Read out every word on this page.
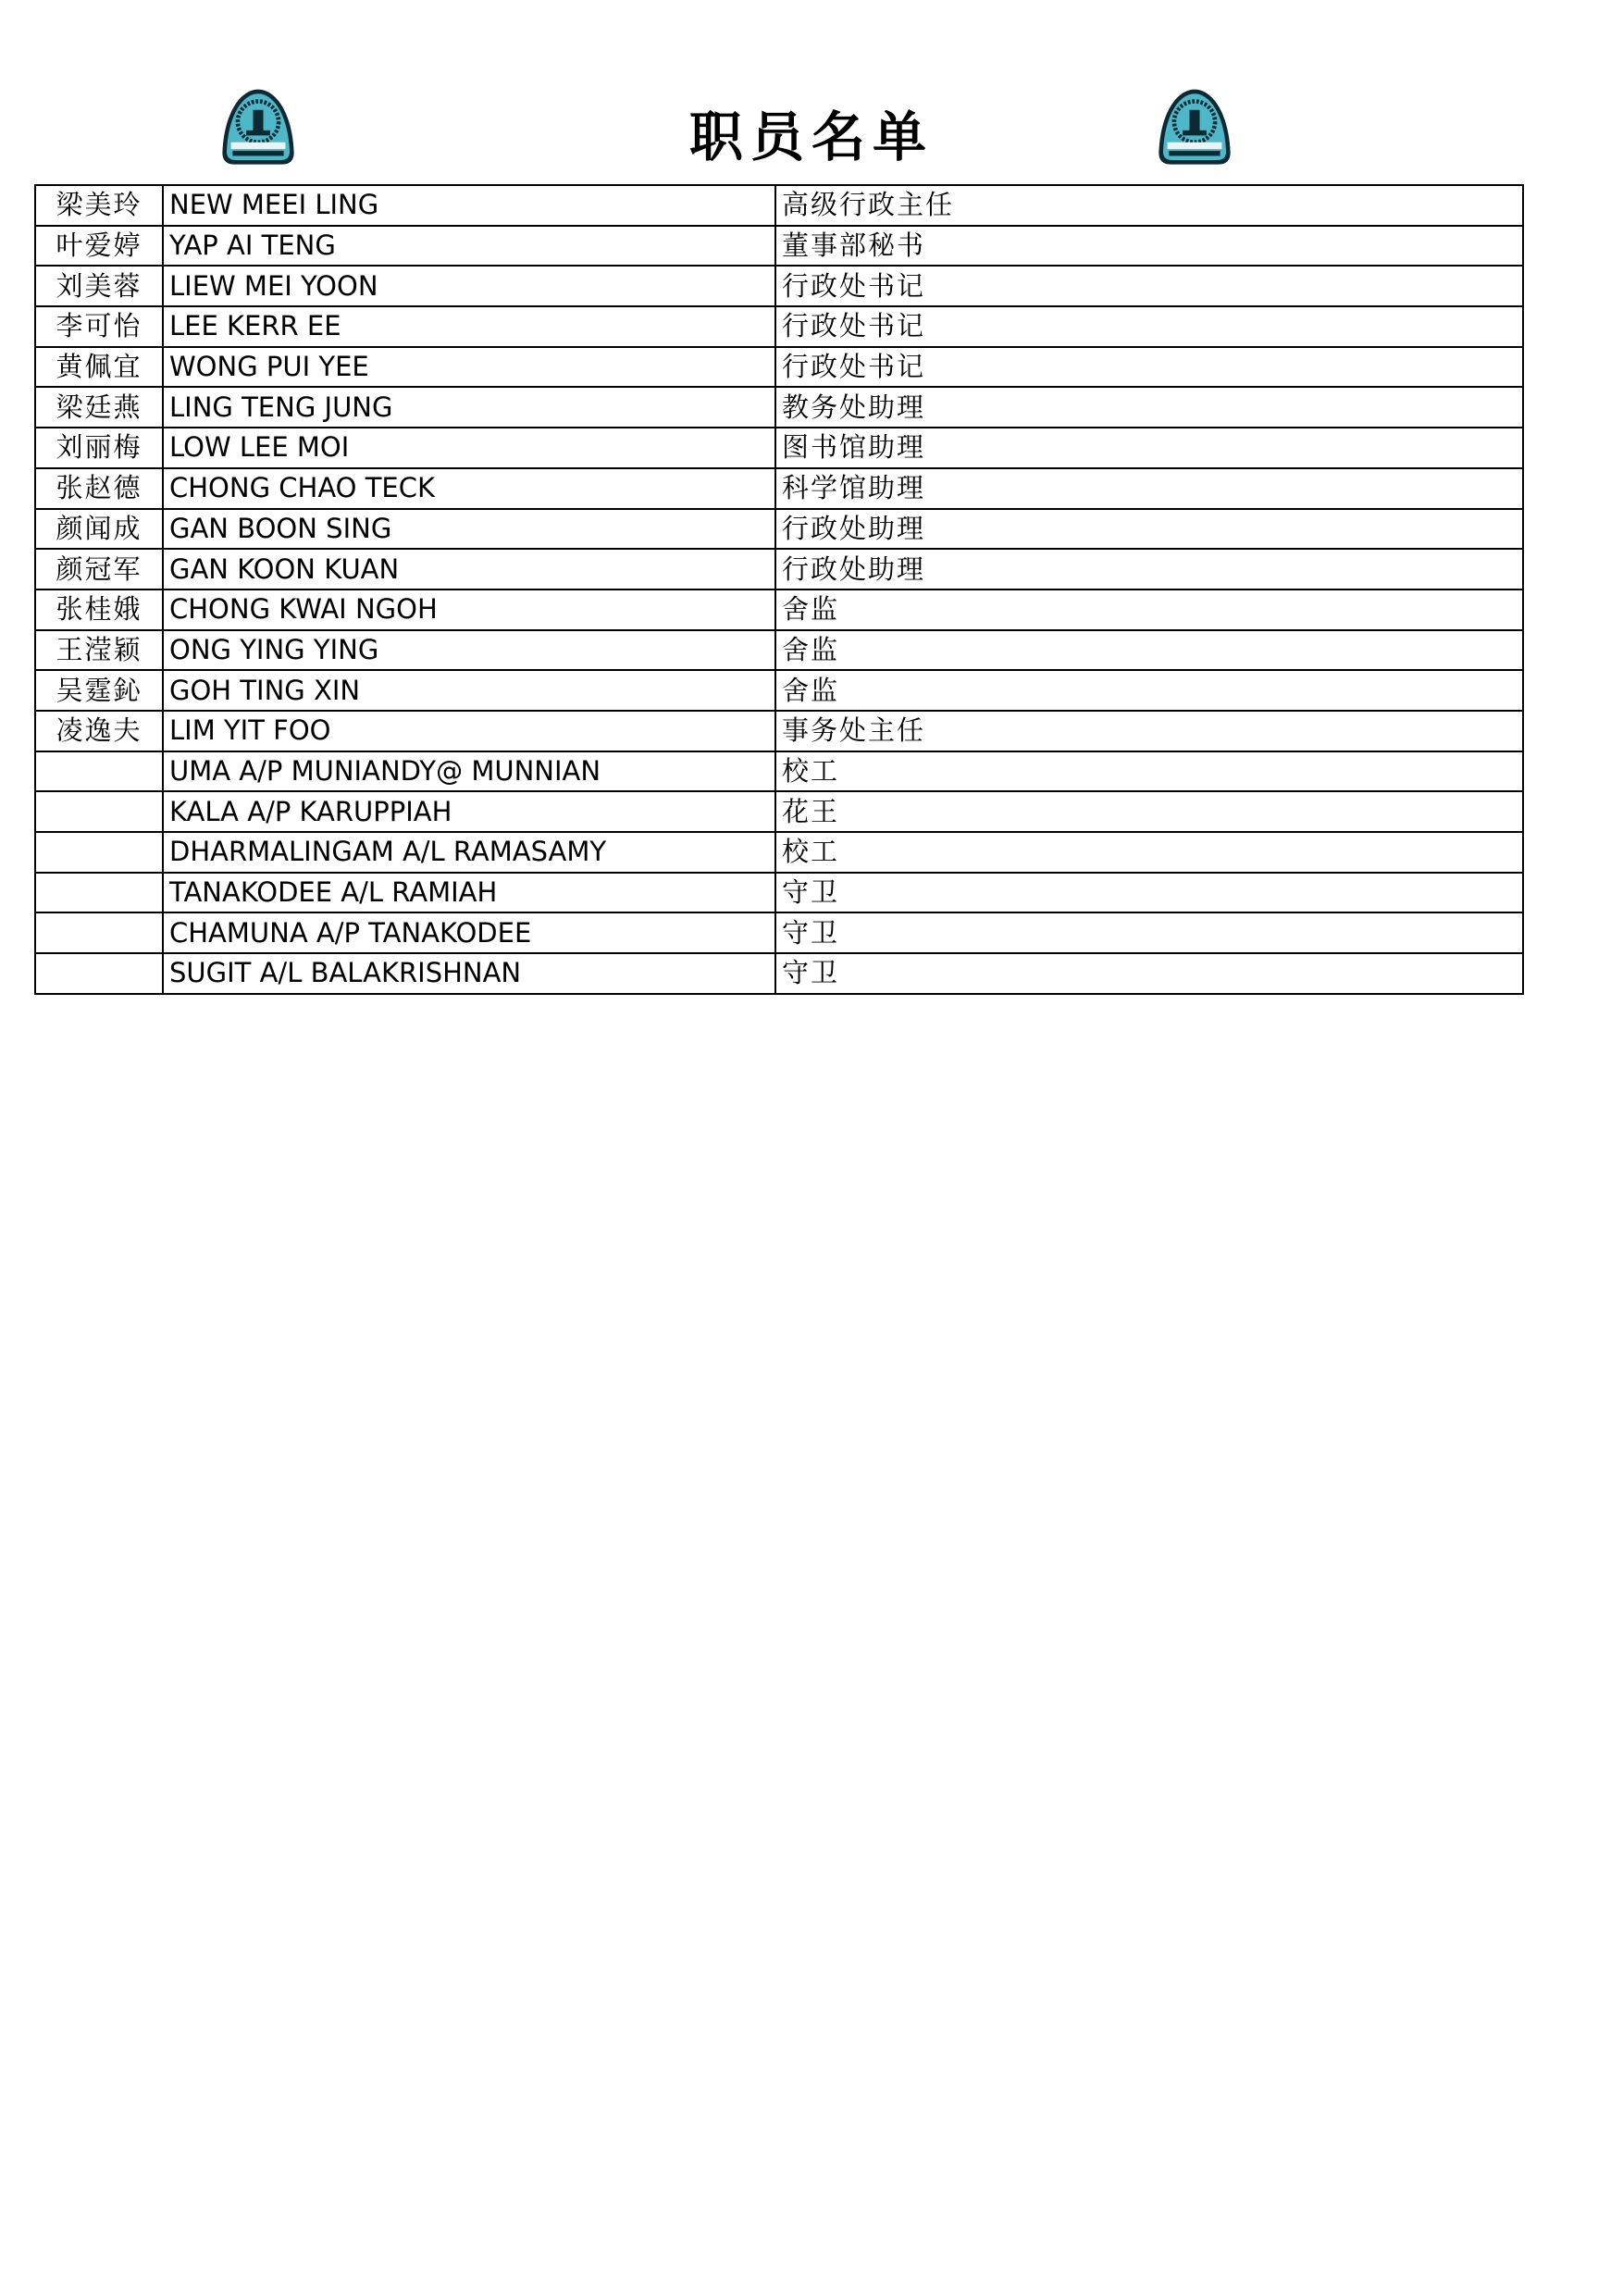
职员名单
梁美玲	NEW MEEI LING	高级行政主任
叶爱婷	YAP AI TENG	董事部秘书
刘美蓉	LIEW MEI YOON	行政处书记
李可怡	LEE KERR EE	行政处书记
黄佩宜	WONG PUI YEE	行政处书记
梁廷燕	LING TENG JUNG	教务处助理
刘丽梅	LOW LEE MOI	图书馆助理
张赵德	CHONG CHAO TECK	科学馆助理
颜闻成	GAN BOON SING	行政处助理
颜冠军	GAN KOON KUAN	行政处助理
张桂娥	CHONG KWAI NGOH	舍监
王滢颖	ONG YING YING	舍监
吴霆鈊	GOH TING XIN	舍监
凌逸夫	LIM YIT FOO	事务处主任
	UMA A/P MUNIANDY@ MUNNIAN	校工
	KALA A/P KARUPPIAH	花王
	DHARMALINGAM A/L RAMASAMY	校工
	TANAKODEE A/L RAMIAH	守卫
	CHAMUNA A/P TANAKODEE	守卫
	SUGIT A/L BALAKRISHNAN	守卫
